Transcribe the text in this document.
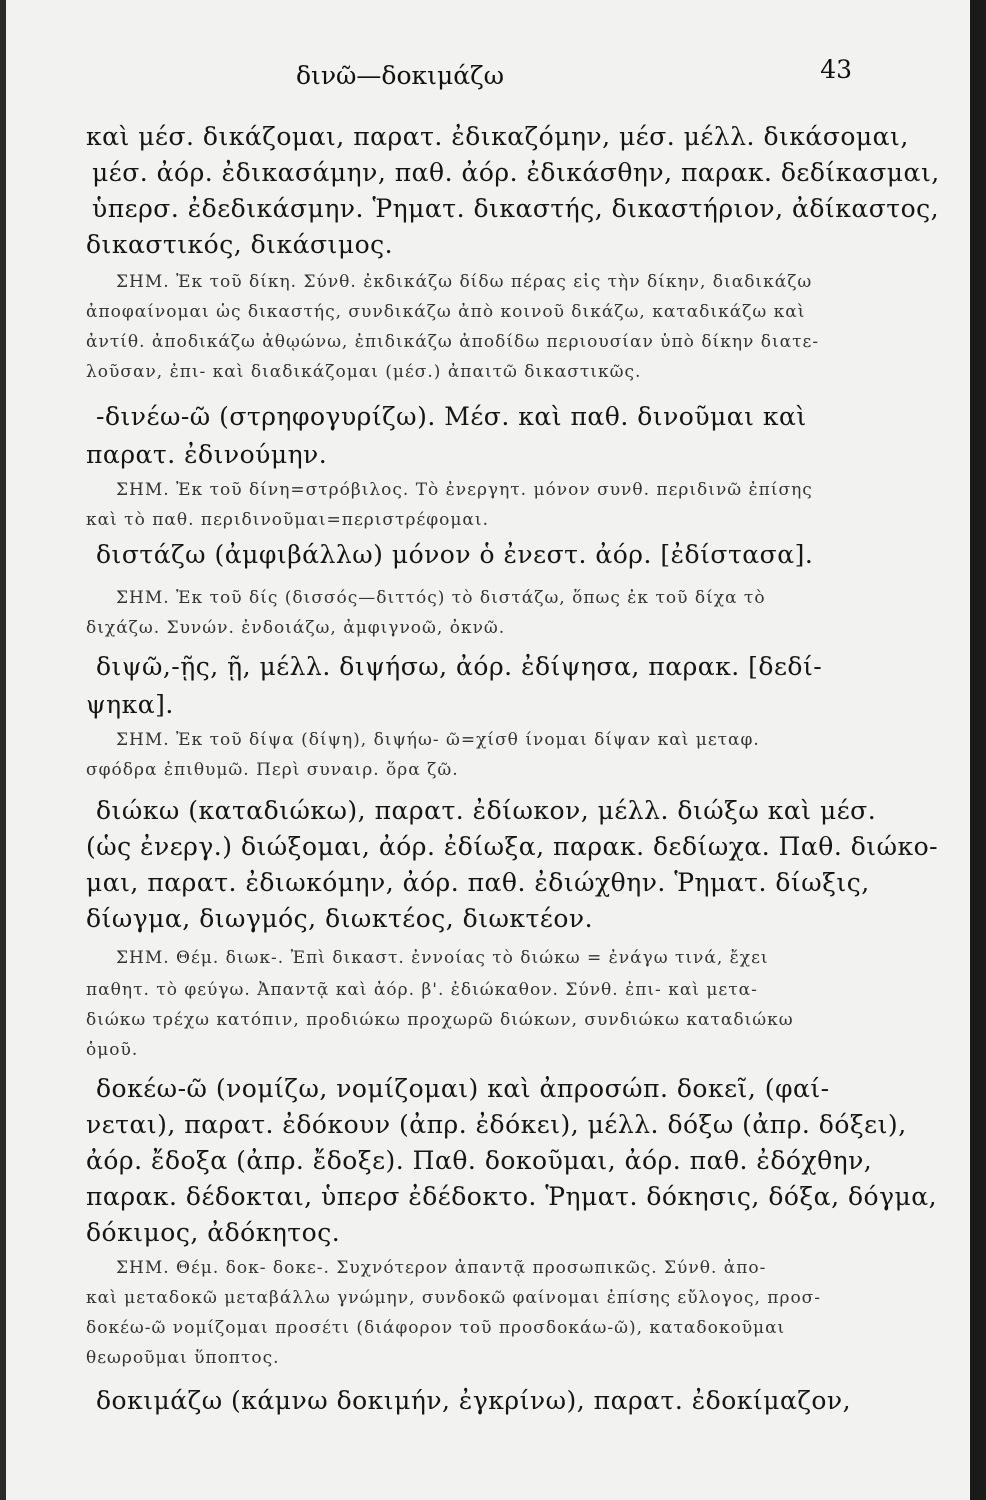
δινῶ—δοκιμάζω	43
καὶ μέσ. δικάζομαι, παρατ. ἐδικαζόμην, μέσ. μέλλ. δικάσομαι,
μέσ. ἀόρ. ἐδικασάμην, παθ. ἀόρ. ἐδικάσθην, παρακ. δεδίκασμαι,
ὑπερσ. ἐδεδικάσμην. Ῥηματ. δικαστής, δικαστήριον, ἀδίκαστος,
δικαστικός, δικάσιμος.
ΣΗΜ. Ἐκ τοῦ δίκη. Σύνθ. ἐκδικάζω δίδω πέρας εἰς τὴν δίκην, διαδικάζω
ἀποφαίνομαι ὡς δικαστής, συνδικάζω ἀπὸ κοινοῦ δικάζω, καταδικάζω καὶ
ἀντίθ. ἀποδικάζω ἀθῳώνω, ἐπιδικάζω ἀποδίδω περιουσίαν ὑπὸ δίκην διατε-
λοῦσαν, ἐπι- καὶ διαδικάζομαι (μέσ.) ἀπαιτῶ δικαστικῶς.
-δινέω-ῶ (στρηφογυρίζω). Μέσ. καὶ παθ. δινοῦμαι καὶ
παρατ. ἐδινούμην.
ΣΗΜ. Ἐκ τοῦ δίνη=στρόβιλος. Τὸ ἐνεργητ. μόνον συνθ. περιδινῶ ἐπίσης
καὶ τὸ παθ. περιδινοῦμαι=περιστρέφομαι.
διστάζω (ἀμφιβάλλω) μόνον ὁ ἐνεστ. ἀόρ. [ἐδίστασα].
ΣΗΜ. Ἐκ τοῦ δίς (δισσός—διττός) τὸ διστάζω, ὅπως ἐκ τοῦ δίχα τὸ
διχάζω. Συνών. ἐνδοιάζω, ἀμφιγνοῶ, ὀκνῶ.
διψῶ,-ῇς, ῇ, μέλλ. διψήσω, ἀόρ. ἐδίψησα, παρακ. [δεδί-
ψηκα].
ΣΗΜ. Ἐκ τοῦ δίψα (δίψη), διψήω- ῶ=χίσθ ίνομαι δίψαν καὶ μεταφ.
σφόδρα ἐπιθυμῶ. Περὶ συναιρ. ὅρα ζῶ.
διώκω (καταδιώκω), παρατ. ἐδίωκον, μέλλ. διώξω καὶ μέσ.
(ὡς ἐνεργ.) διώξομαι, ἀόρ. ἐδίωξα, παρακ. δεδίωχα. Παθ. διώκο-
μαι, παρατ. ἐδιωκόμην, ἀόρ. παθ. ἐδιώχθην. Ῥηματ. δίωξις,
δίωγμα, διωγμός, διωκτέος, διωκτέον.
ΣΗΜ. Θέμ. διωκ-. Ἐπὶ δικαστ. ἐννοίας τὸ διώκω = ἐνάγω τινά, ἔχει
παθητ. τὸ φεύγω. Ἀπαντᾷ καὶ ἀόρ. β'. ἐδιώκαθον. Σύνθ. ἐπι- καὶ μετα-
διώκω τρέχω κατόπιν, προδιώκω προχωρῶ διώκων, συνδιώκω καταδιώκω
ὁμοῦ.
δοκέω-ῶ (νομίζω, νομίζομαι) καὶ ἀπροσώπ. δοκεῖ, (φαί-
νεται), παρατ. ἐδόκουν (ἀπρ. ἐδόκει), μέλλ. δόξω (ἀπρ. δόξει),
ἀόρ. ἔδοξα (ἀπρ. ἔδοξε). Παθ. δοκοῦμαι, ἀόρ. παθ. ἐδόχθην,
παρακ. δέδοκται, ὑπερσ ἐδέδοκτο. Ῥηματ. δόκησις, δόξα, δόγμα,
δόκιμος, ἀδόκητος.
ΣΗΜ. Θέμ. δοκ- δοκε-. Συχνότερον ἀπαντᾷ προσωπικῶς. Σύνθ. ἀπο-
καὶ μεταδοκῶ μεταβάλλω γνώμην, συνδοκῶ φαίνομαι ἐπίσης εὔλογος, προσ-
δοκέω-ῶ νομίζομαι προσέτι (διάφορον τοῦ προσδοκάω-ῶ), καταδοκοῦμαι
θεωροῦμαι ὕποπτος.
δοκιμάζω (κάμνω δοκιμήν, ἐγκρίνω), παρατ. ἐδοκίμαζον,
